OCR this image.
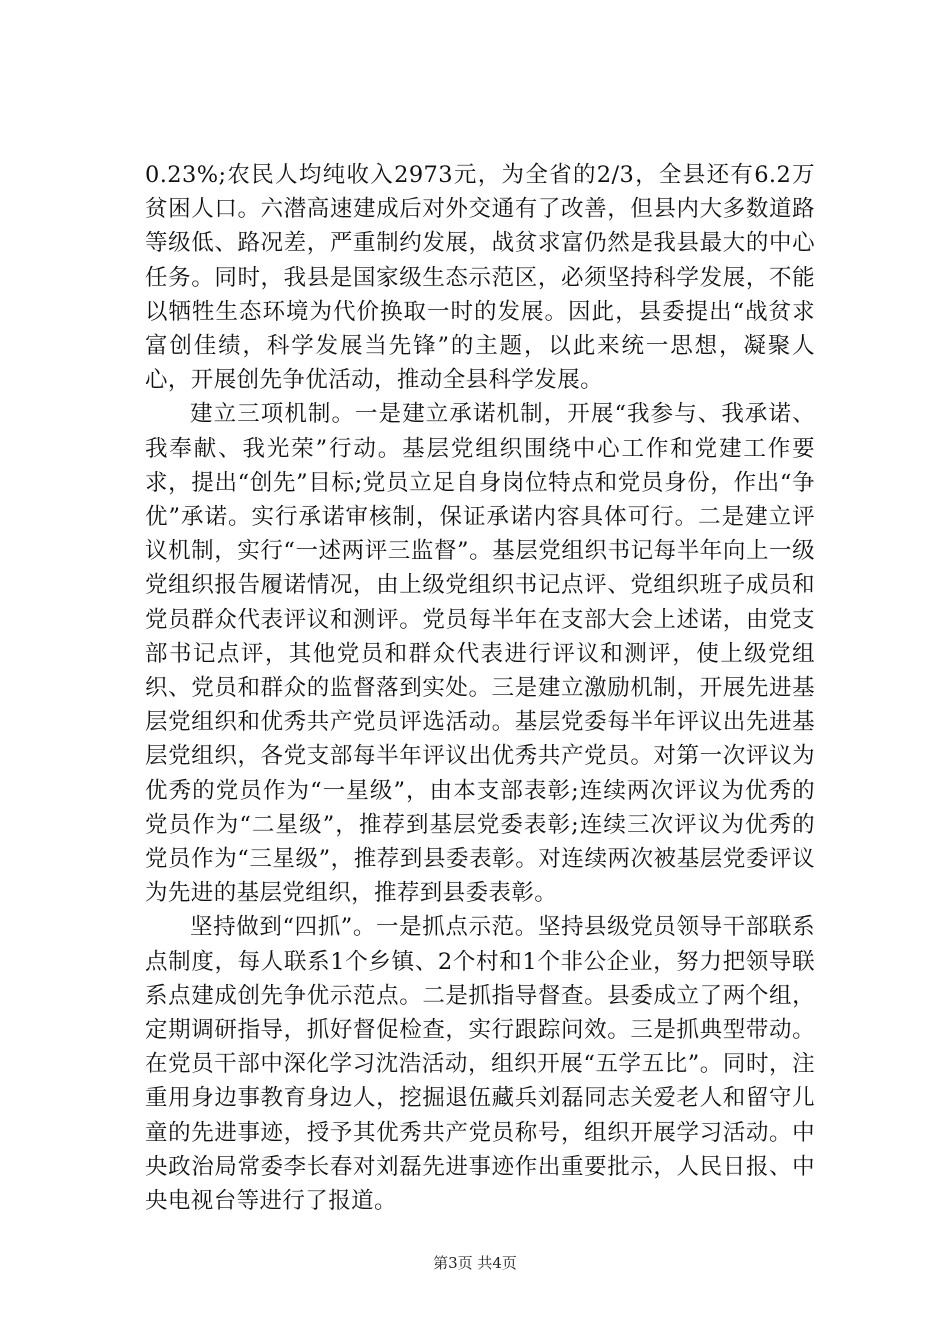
0.23%;农民人均纯收入2973元，为全省的2/3，全县还有6.2万贫困人口。六潜高速建成后对外交通有了改善，但县内大多数道路等级低、路况差，严重制约发展，战贫求富仍然是我县最大的中心任务。同时，我县是国家级生态示范区，必须坚持科学发展，不能以牺牲生态环境为代价换取一时的发展。因此，县委提出“战贫求富创佳绩，科学发展当先锋”的主题，以此来统一思想，凝聚人心，开展创先争优活动，推动全县科学发展。

建立三项机制。一是建立承诺机制，开展“我参与、我承诺、我奉献、我光荣”行动。基层党组织围绕中心工作和党建工作要求，提出“创先”目标;党员立足自身岗位特点和党员身份，作出“争优”承诺。实行承诺审核制，保证承诺内容具体可行。二是建立评议机制，实行“一述两评三监督”。基层党组织书记每半年向上一级党组织报告履诺情况，由上级党组织书记点评、党组织班子成员和党员群众代表评议和测评。党员每半年在支部大会上述诺，由党支部书记点评，其他党员和群众代表进行评议和测评，使上级党组织、党员和群众的监督落到实处。三是建立激励机制，开展先进基层党组织和优秀共产党员评选活动。基层党委每半年评议出先进基层党组织，各党支部每半年评议出优秀共产党员。对第一次评议为优秀的党员作为“一星级”，由本支部表彰;连续两次评议为优秀的党员作为“二星级”，推荐到基层党委表彰;连续三次评议为优秀的党员作为“三星级”，推荐到县委表彰。对连续两次被基层党委评议为先进的基层党组织，推荐到县委表彰。

坚持做到“四抓”。一是抓点示范。坚持县级党员领导干部联系点制度，每人联系1个乡镇、2个村和1个非公企业，努力把领导联系点建成创先争优示范点。二是抓指导督查。县委成立了两个组，定期调研指导，抓好督促检查，实行跟踪问效。三是抓典型带动。在党员干部中深化学习沈浩活动，组织开展“五学五比”。同时，注重用身边事教育身边人，挖掘退伍藏兵刘磊同志关爱老人和留守儿童的先进事迹，授予其优秀共产党员称号，组织开展学习活动。中央政治局常委李长春对刘磊先进事迹作出重要批示，人民日报、中央电视台等进行了报道。

第3页 共4页
